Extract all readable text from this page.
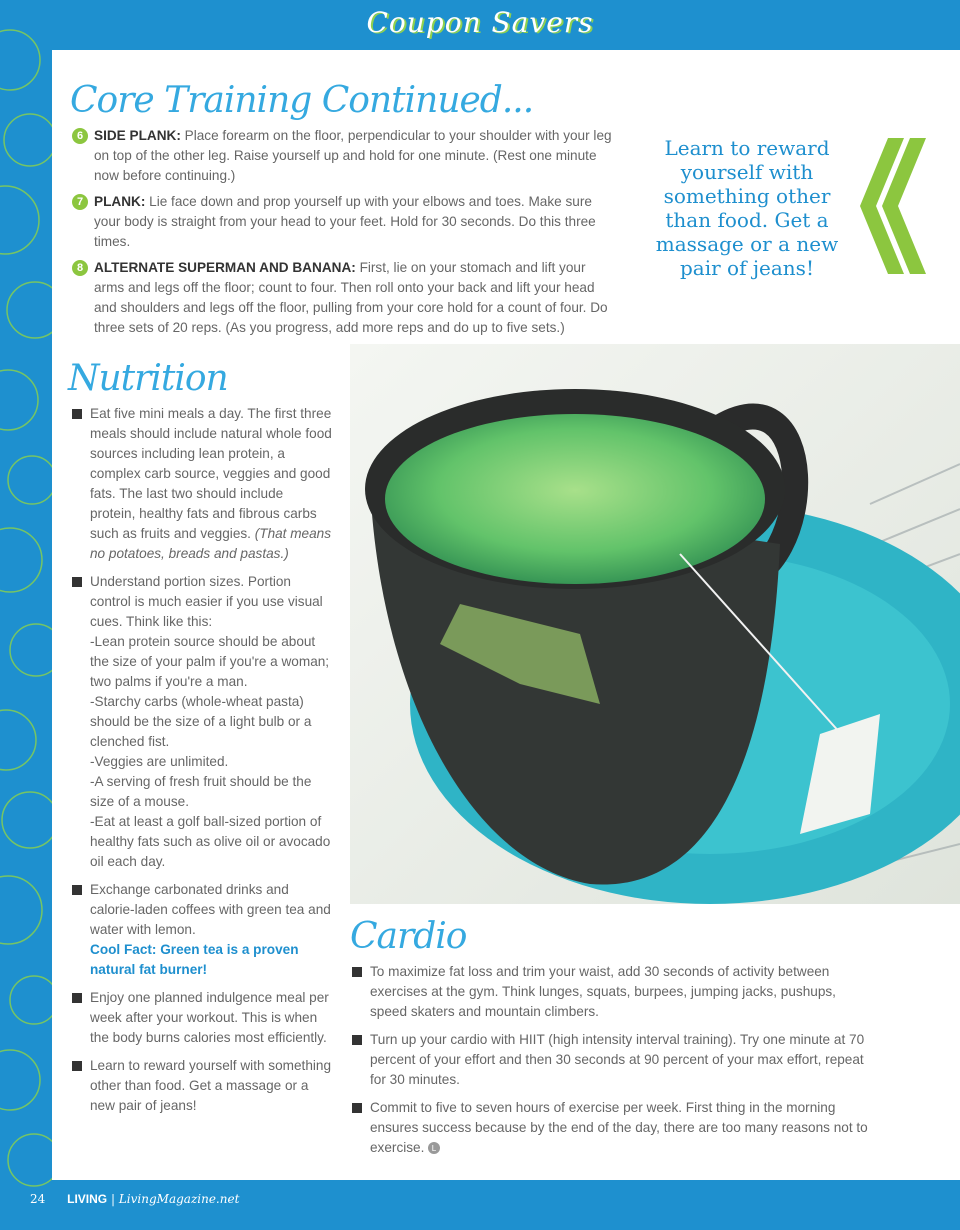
Coupon Savers
Core Training Continued...
6 SIDE PLANK: Place forearm on the floor, perpendicular to your shoulder with your leg on top of the other leg. Raise yourself up and hold for one minute. (Rest one minute now before continuing.)
7 PLANK: Lie face down and prop yourself up with your elbows and toes. Make sure your body is straight from your head to your feet. Hold for 30 seconds. Do this three times.
8 ALTERNATE SUPERMAN AND BANANA: First, lie on your stomach and lift your arms and legs off the floor; count to four. Then roll onto your back and lift your head and shoulders and legs off the floor, pulling from your core hold for a count of four. Do three sets of 20 reps. (As you progress, add more reps and do up to five sets.)
Learn to reward yourself with something other than food. Get a massage or a new pair of jeans!
Nutrition
Eat five mini meals a day. The first three meals should include natural whole food sources including lean protein, a complex carb source, veggies and good fats. The last two should include protein, healthy fats and fibrous carbs such as fruits and veggies. (That means no potatoes, breads and pastas.)
Understand portion sizes. Portion control is much easier if you use visual cues. Think like this:
-Lean protein source should be about the size of your palm if you're a woman; two palms if you're a man.
-Starchy carbs (whole-wheat pasta) should be the size of a light bulb or a clenched fist.
-Veggies are unlimited.
-A serving of fresh fruit should be the size of a mouse.
-Eat at least a golf ball-sized portion of healthy fats such as olive oil or avocado oil each day.
Exchange carbonated drinks and calorie-laden coffees with green tea and water with lemon.
Cool Fact: Green tea is a proven natural fat burner!
Enjoy one planned indulgence meal per week after your workout. This is when the body burns calories most efficiently.
Learn to reward yourself with something other than food. Get a massage or a new pair of jeans!
Cardio
To maximize fat loss and trim your waist, add 30 seconds of activity between exercises at the gym. Think lunges, squats, burpees, jumping jacks, pushups, speed skaters and mountain climbers.
Turn up your cardio with HIIT (high intensity interval training). Try one minute at 70 percent of your effort and then 30 seconds at 90 percent of your max effort, repeat for 30 minutes.
Commit to five to seven hours of exercise per week. First thing in the morning ensures success because by the end of the day, there are too many reasons not to exercise. L
24 LIVING | LivingMagazine.net
